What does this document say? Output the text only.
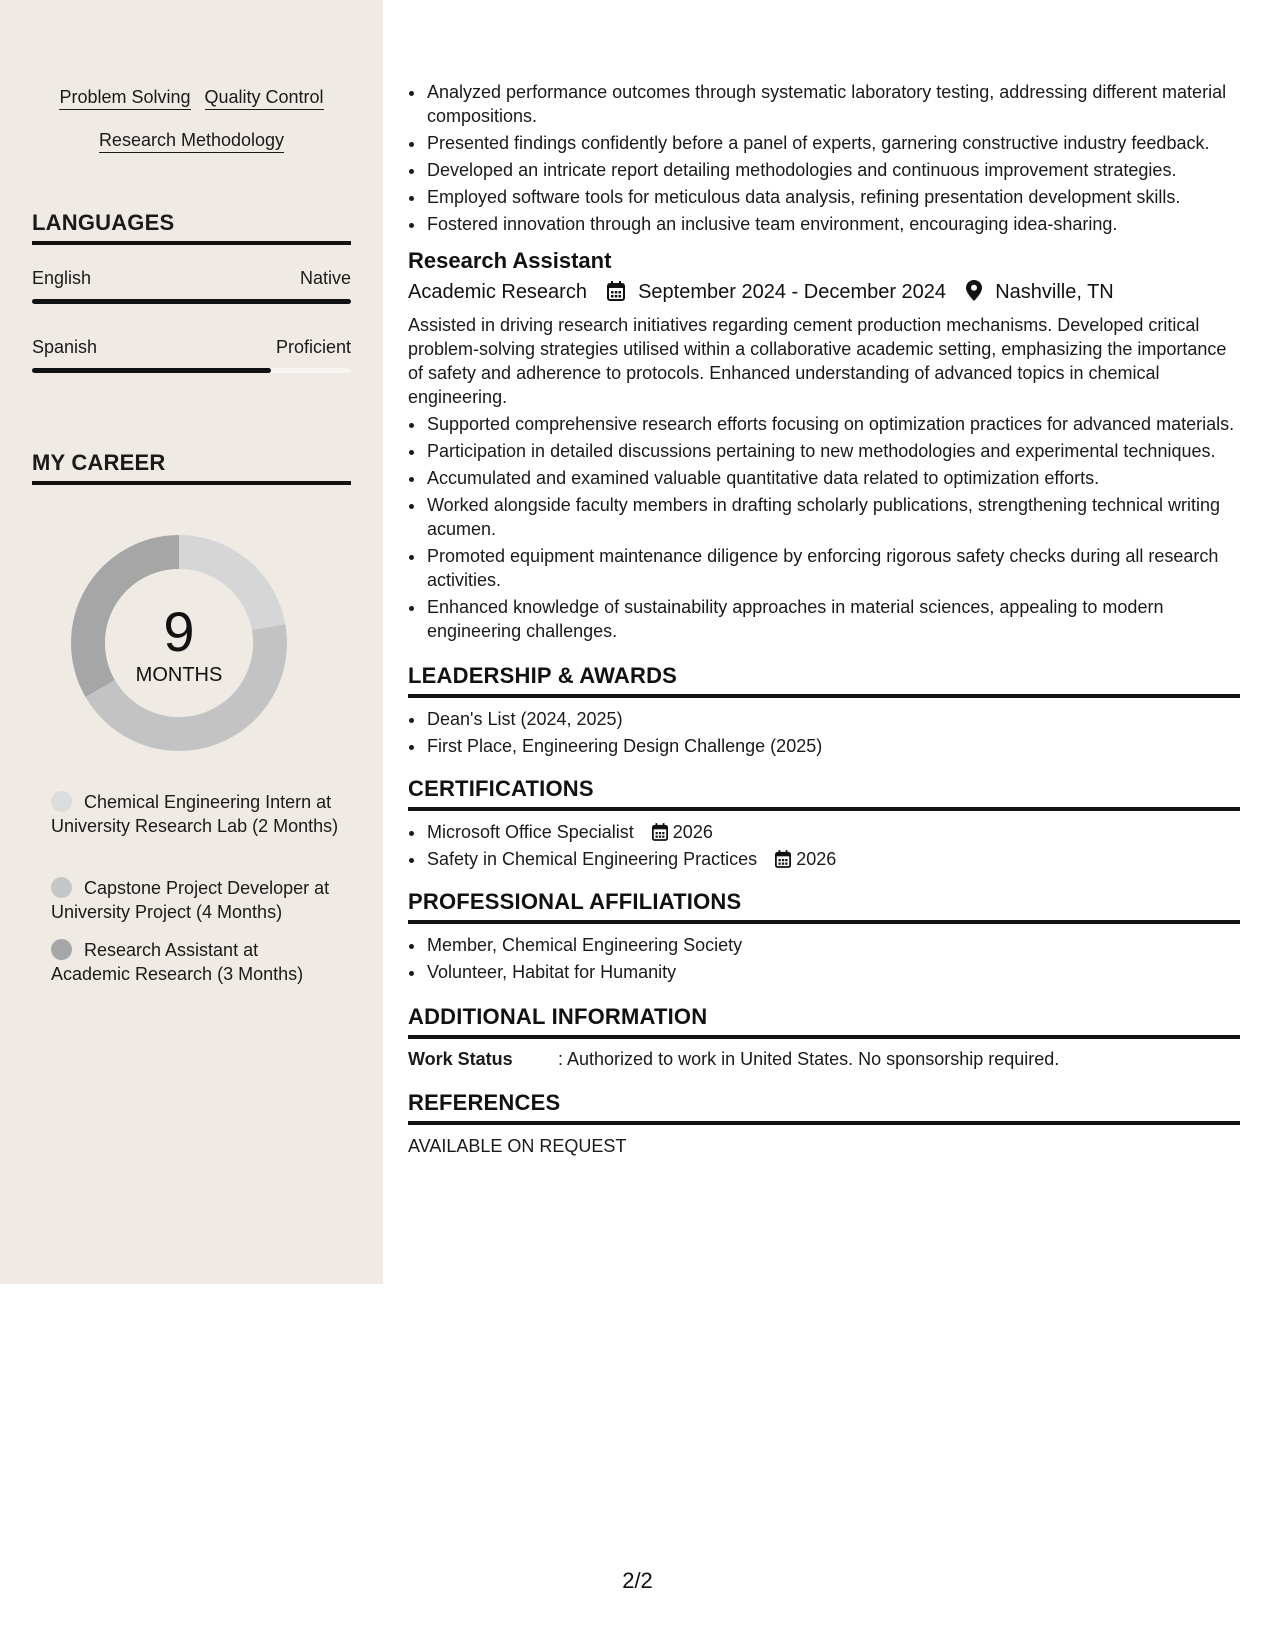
Problem Solving Quality Control
Research Methodology
LANGUAGES
English	Native
Spanish	Proficient
MY CAREER
9
MONTHS
Chemical Engineering Intern at University Research Lab (2 Months)
Capstone Project Developer at University Project (4 Months)
Research Assistant at Academic Research (3 Months)
• Analyzed performance outcomes through systematic laboratory testing, addressing different material compositions.
• Presented findings confidently before a panel of experts, garnering constructive industry feedback.
• Developed an intricate report detailing methodologies and continuous improvement strategies.
• Employed software tools for meticulous data analysis, refining presentation development skills.
• Fostered innovation through an inclusive team environment, encouraging idea-sharing.
Research Assistant
Academic Research	September 2024 - December 2024 Nashville, TN
Assisted in driving research initiatives regarding cement production mechanisms. Developed critical problem-solving strategies utilised within a collaborative academic setting, emphasizing the importance of safety and adherence to protocols. Enhanced understanding of advanced topics in chemical engineering.
• Supported comprehensive research efforts focusing on optimization practices for advanced materials.
• Participation in detailed discussions pertaining to new methodologies and experimental techniques.
• Accumulated and examined valuable quantitative data related to optimization efforts.
• Worked alongside faculty members in drafting scholarly publications, strengthening technical writing acumen.
• Promoted equipment maintenance diligence by enforcing rigorous safety checks during all research activities.
• Enhanced knowledge of sustainability approaches in material sciences, appealing to modern engineering challenges.
LEADERSHIP & AWARDS
• Dean's List (2024, 2025)
• First Place, Engineering Design Challenge (2025)
CERTIFICATIONS
• Microsoft Office Specialist 2026
• Safety in Chemical Engineering Practices 2026
PROFESSIONAL AFFILIATIONS
• Member, Chemical Engineering Society
• Volunteer, Habitat for Humanity
ADDITIONAL INFORMATION
Work Status	: Authorized to work in United States. No sponsorship required.
REFERENCES
AVAILABLE ON REQUEST
2/2
